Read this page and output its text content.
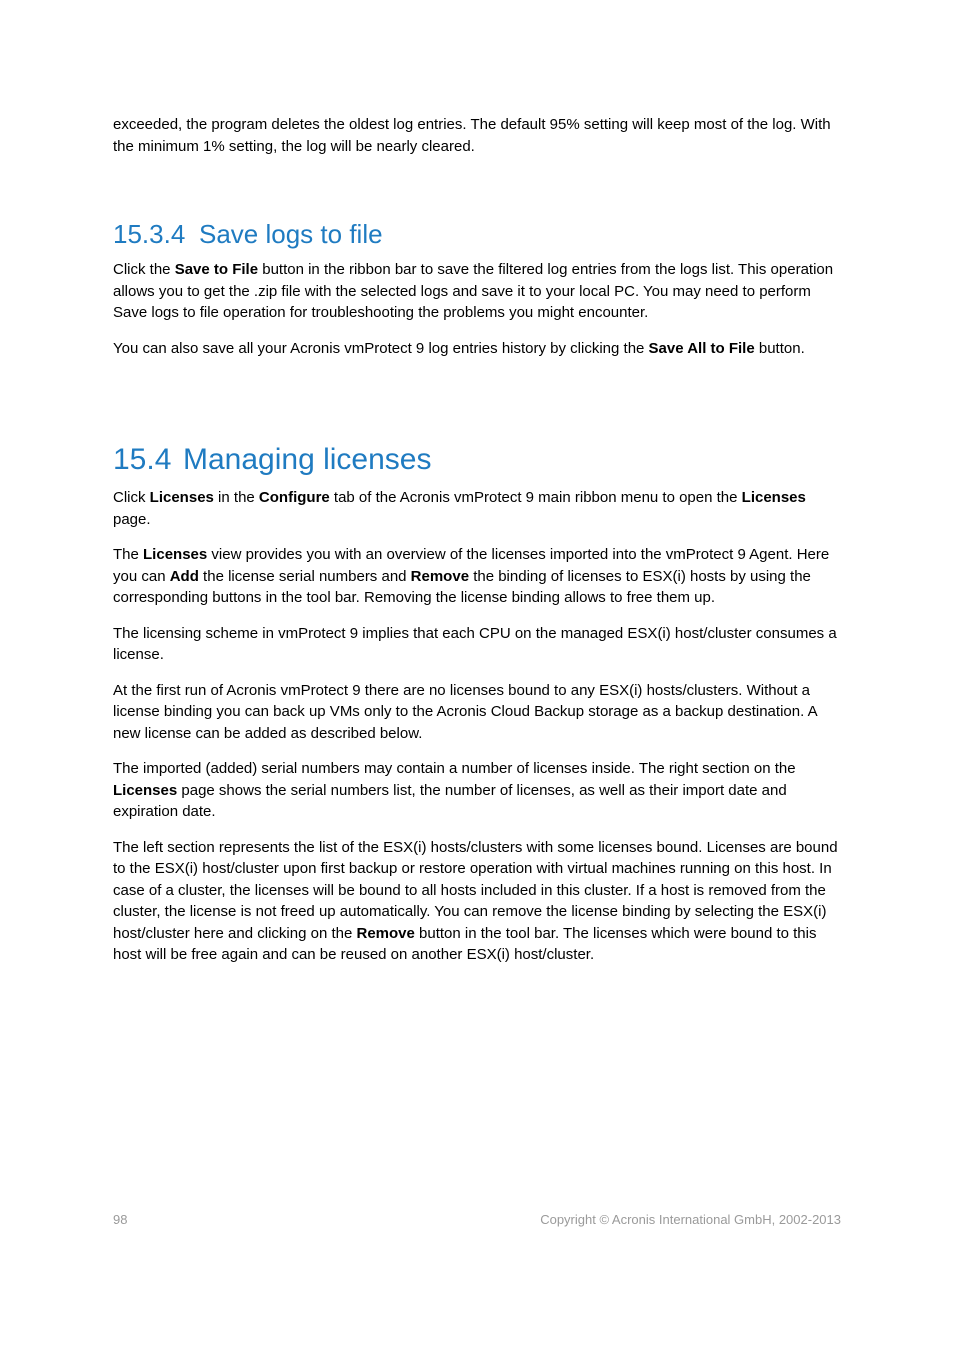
exceeded, the program deletes the oldest log entries. The default 95% setting will keep most of the log. With the minimum 1% setting, the log will be nearly cleared.

15.3.4 Save logs to file

Click the Save to File button in the ribbon bar to save the filtered log entries from the logs list. This operation allows you to get the .zip file with the selected logs and save it to your local PC. You may need to perform Save logs to file operation for troubleshooting the problems you might encounter.

You can also save all your Acronis vmProtect 9 log entries history by clicking the Save All to File button.

15.4 Managing licenses

Click Licenses in the Configure tab of the Acronis vmProtect 9 main ribbon menu to open the Licenses page.

The Licenses view provides you with an overview of the licenses imported into the vmProtect 9 Agent. Here you can Add the license serial numbers and Remove the binding of licenses to ESX(i) hosts by using the corresponding buttons in the tool bar. Removing the license binding allows to free them up.

The licensing scheme in vmProtect 9 implies that each CPU on the managed ESX(i) host/cluster consumes a license.

At the first run of Acronis vmProtect 9 there are no licenses bound to any ESX(i) hosts/clusters. Without a license binding you can back up VMs only to the Acronis Cloud Backup storage as a backup destination. A new license can be added as described below.

The imported (added) serial numbers may contain a number of licenses inside. The right section on the Licenses page shows the serial numbers list, the number of licenses, as well as their import date and expiration date.

The left section represents the list of the ESX(i) hosts/clusters with some licenses bound. Licenses are bound to the ESX(i) host/cluster upon first backup or restore operation with virtual machines running on this host. In case of a cluster, the licenses will be bound to all hosts included in this cluster. If a host is removed from the cluster, the license is not freed up automatically. You can remove the license binding by selecting the ESX(i) host/cluster here and clicking on the Remove button in the tool bar. The licenses which were bound to this host will be free again and can be reused on another ESX(i) host/cluster.

98	Copyright © Acronis International GmbH, 2002-2013
